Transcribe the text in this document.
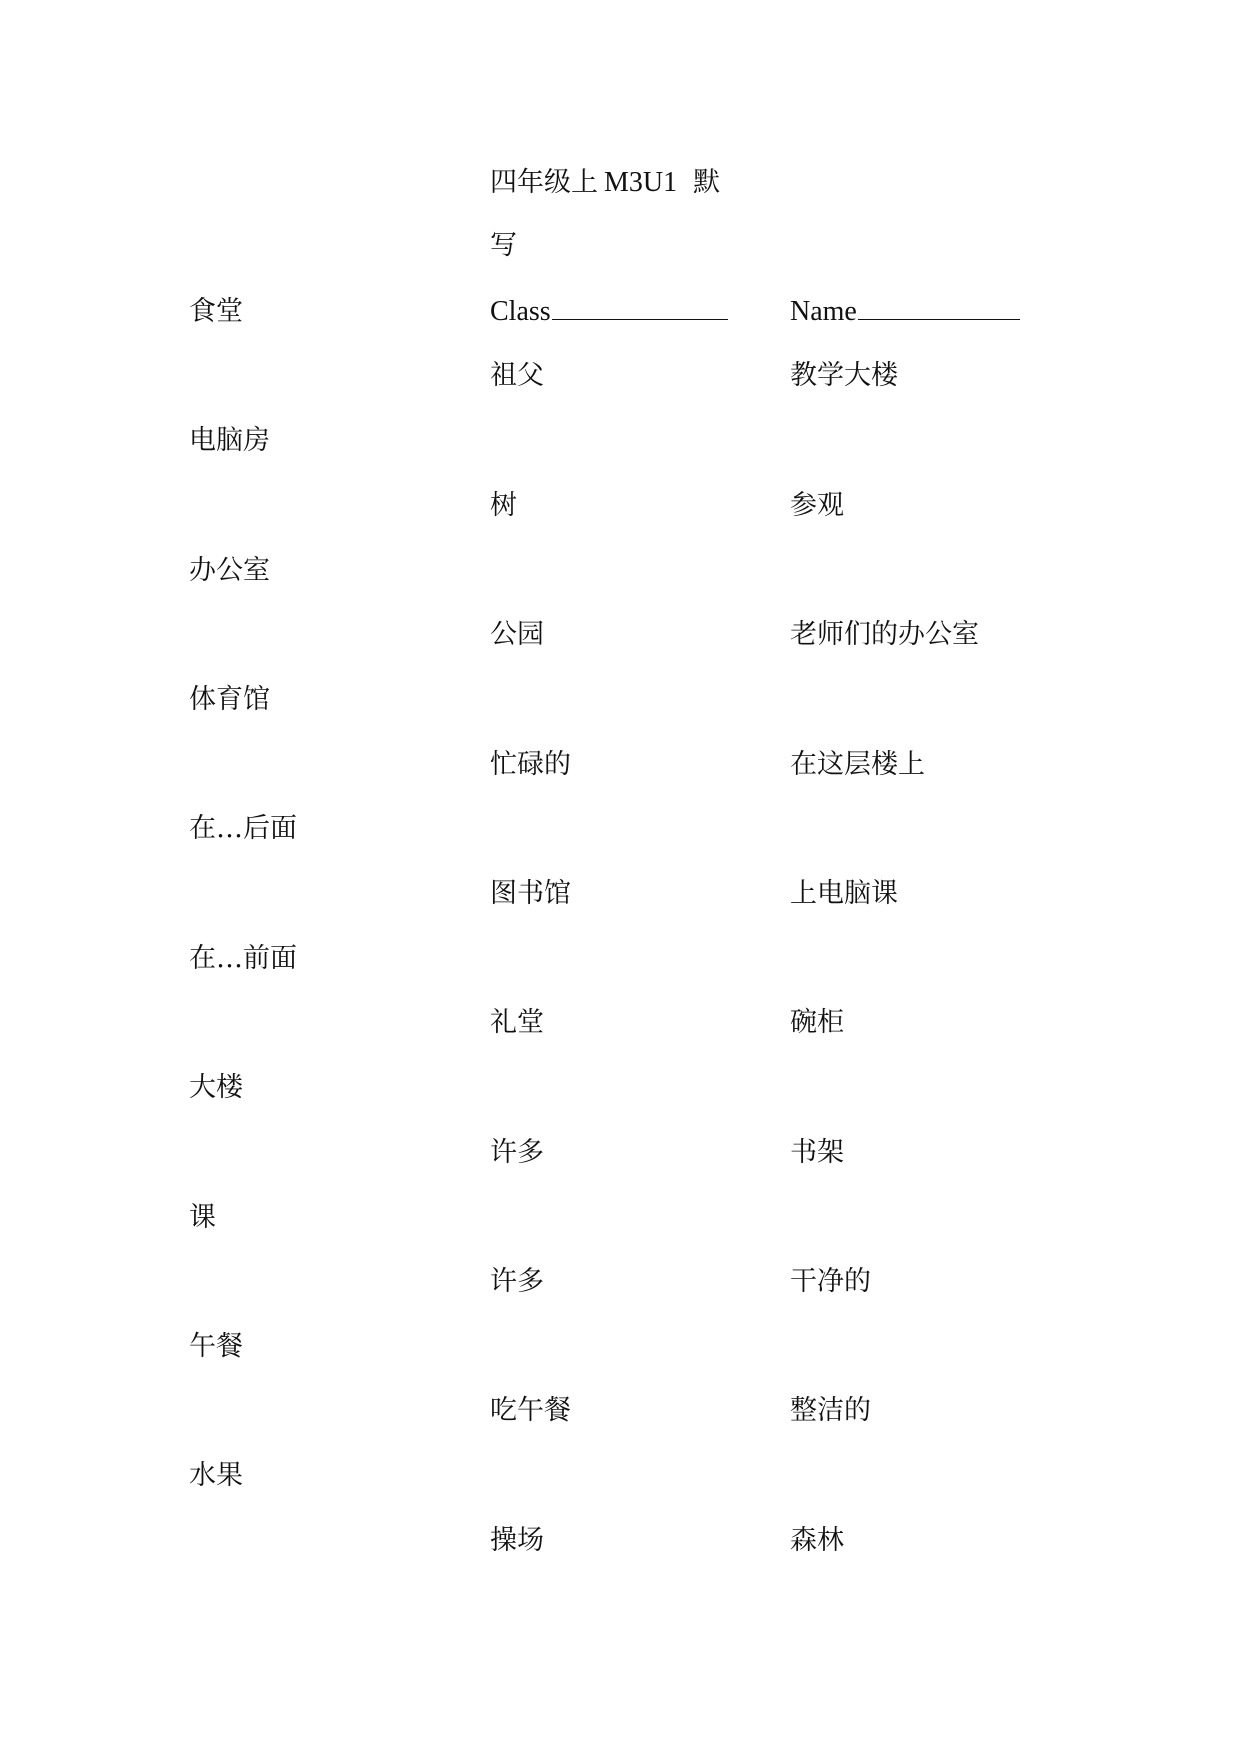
四年级上 M3U1 默
写
食堂	Class	Name
祖父	教学大楼
电脑房
树	参观
办公室
公园	老师们的办公室
体育馆
忙碌的	在这层楼上
在…后面
图书馆	上电脑课
在…前面
礼堂	碗柜
大楼
许多	书架
课
许多	干净的
午餐
吃午餐	整洁的
水果
操场	森林
